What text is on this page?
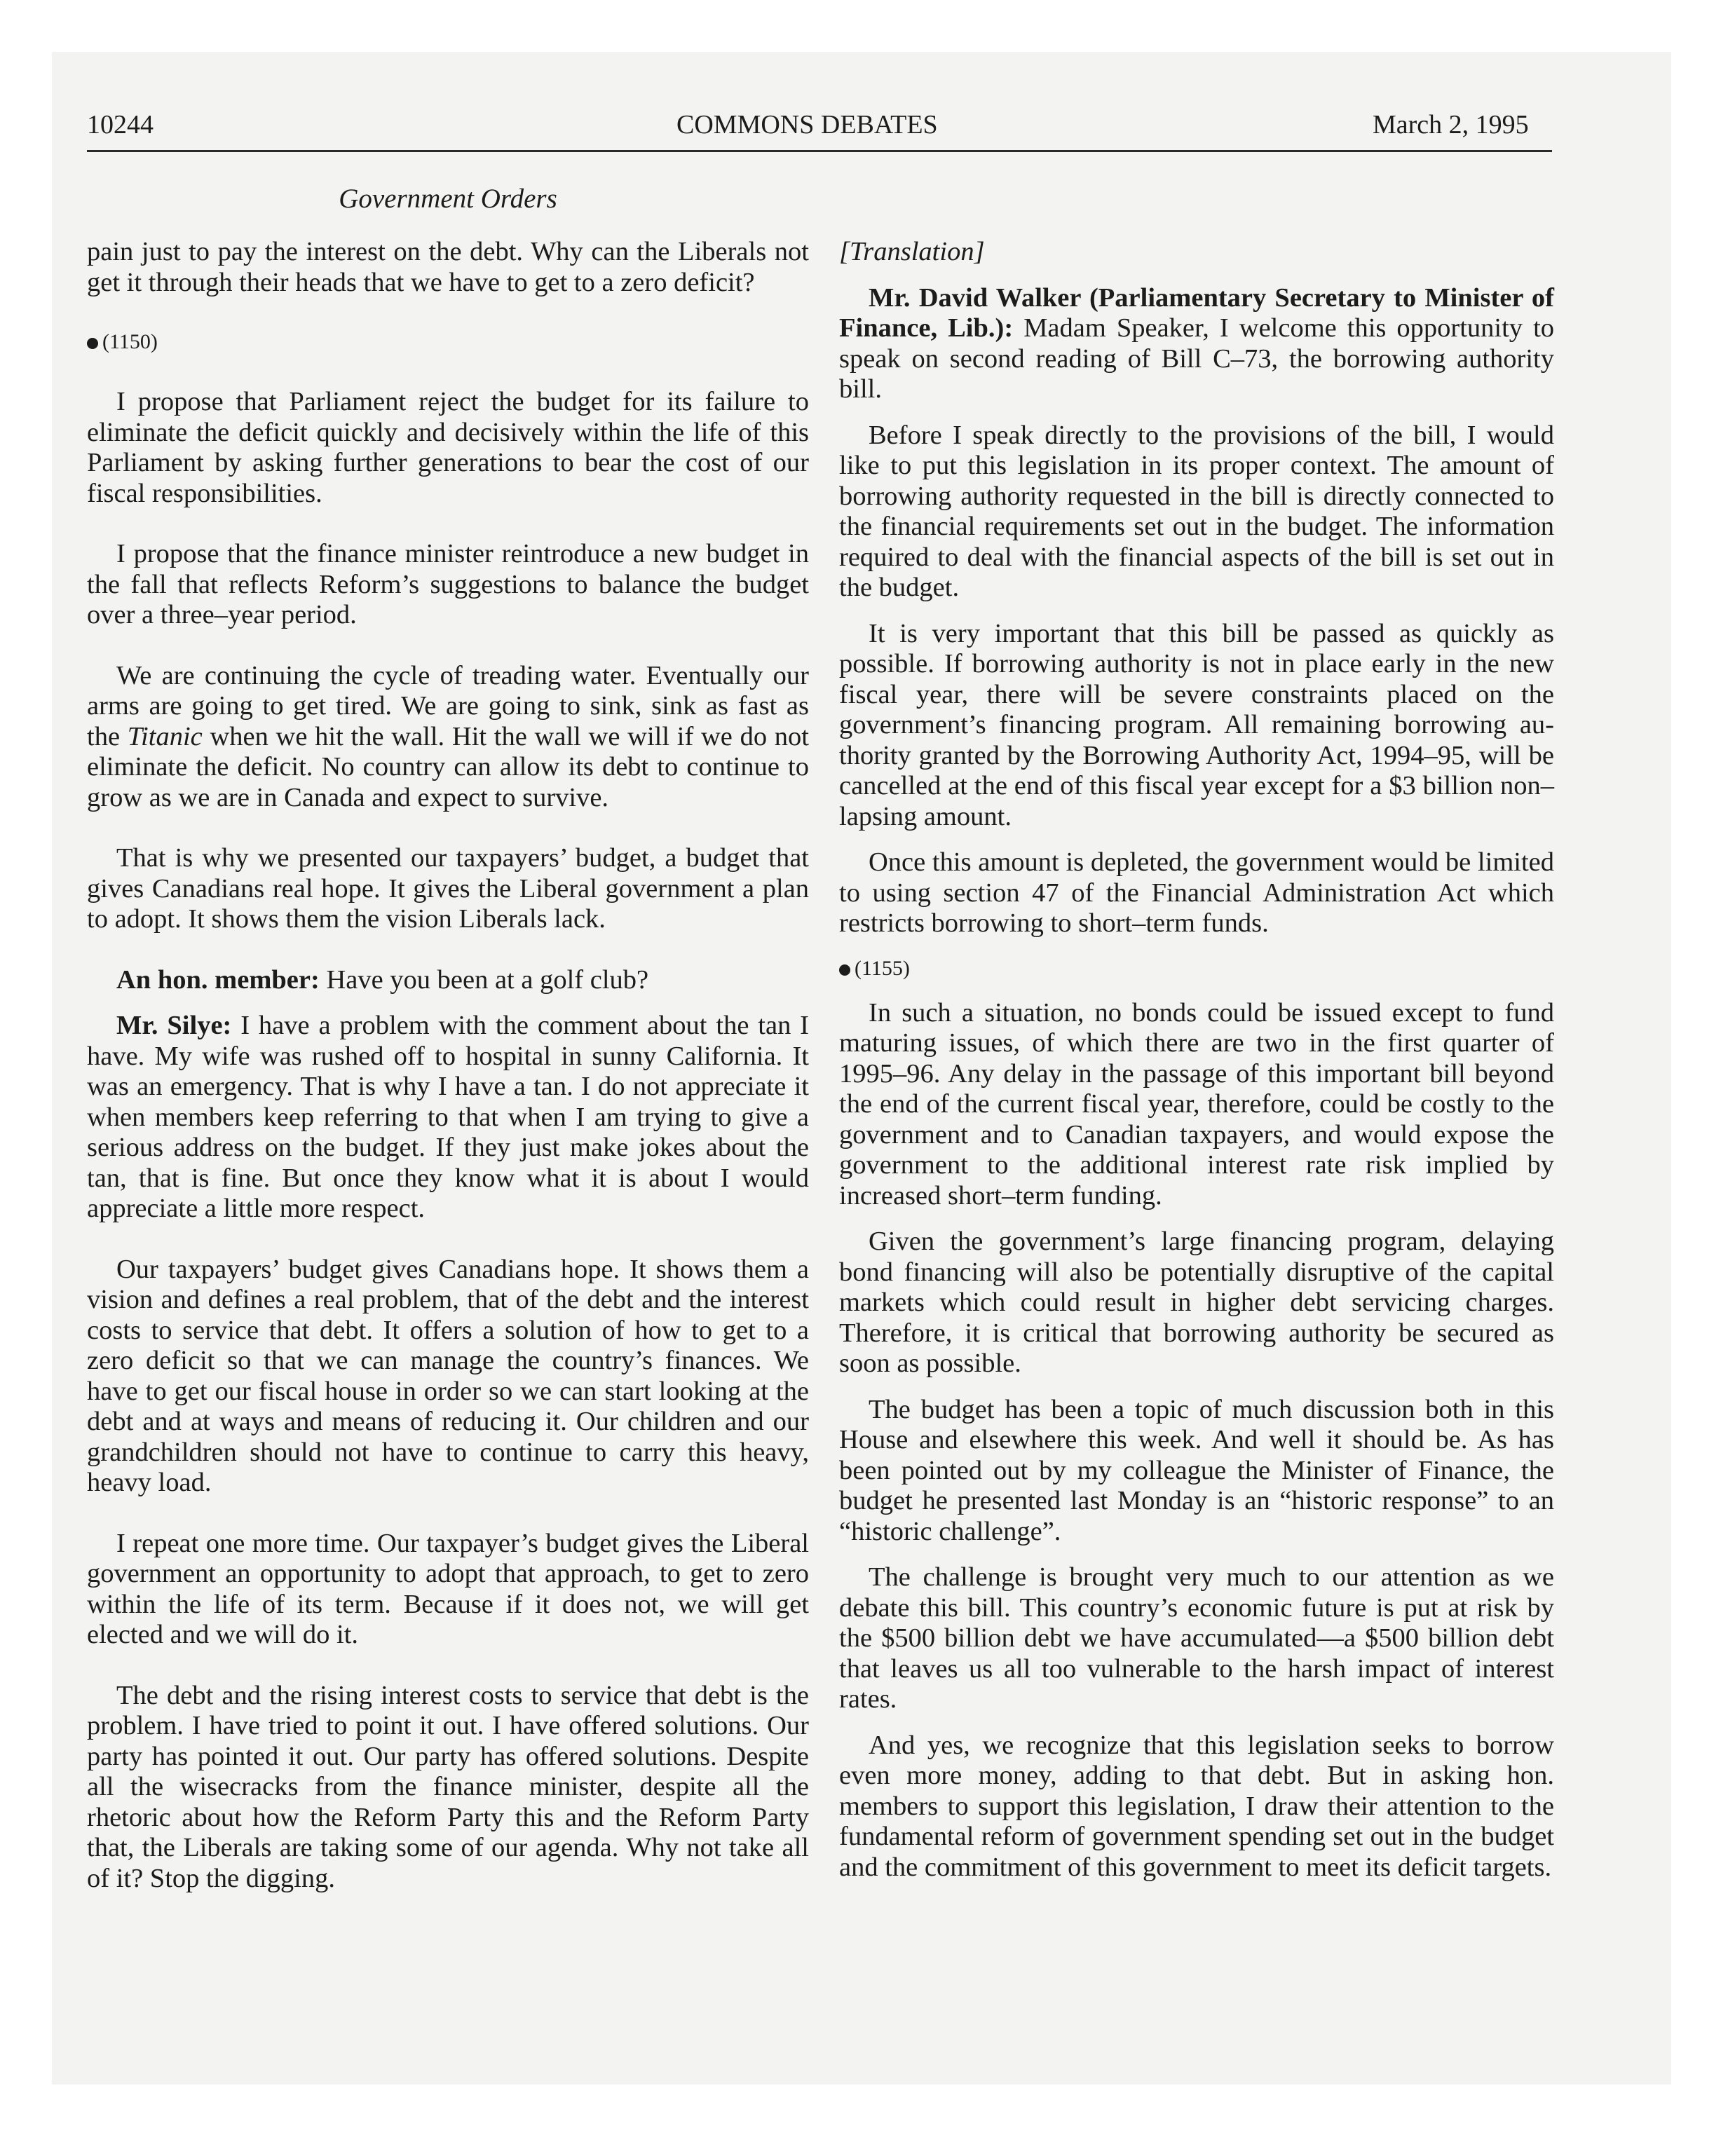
10244	COMMONS DEBATES	March 2, 1995
Government Orders

pain just to pay the interest on the debt. Why can the Liberals not get it through their heads that we have to get to a zero deficit?

(1150)

I propose that Parliament reject the budget for its failure to eliminate the deficit quickly and decisively within the life of this Parliament by asking further generations to bear the cost of our fiscal responsibilities.

I propose that the finance minister reintroduce a new budget in the fall that reflects Reform’s suggestions to balance the budget over a three–year period.

We are continuing the cycle of treading water. Eventually our arms are going to get tired. We are going to sink, sink as fast as the Titanic when we hit the wall. Hit the wall we will if we do not eliminate the deficit. No country can allow its debt to continue to grow as we are in Canada and expect to survive.

That is why we presented our taxpayers’ budget, a budget that gives Canadians real hope. It gives the Liberal government a plan to adopt. It shows them the vision Liberals lack.

An hon. member: Have you been at a golf club?

Mr. Silye: I have a problem with the comment about the tan I have. My wife was rushed off to hospital in sunny California. It was an emergency. That is why I have a tan. I do not appreciate it when members keep referring to that when I am trying to give a serious address on the budget. If they just make jokes about the tan, that is fine. But once they know what it is about I would appreciate a little more respect.

Our taxpayers’ budget gives Canadians hope. It shows them a vision and defines a real problem, that of the debt and the interest costs to service that debt. It offers a solution of how to get to a zero deficit so that we can manage the country’s finances. We have to get our fiscal house in order so we can start looking at the debt and at ways and means of reducing it. Our children and our grandchildren should not have to continue to carry this heavy, heavy load.

I repeat one more time. Our taxpayer’s budget gives the Liberal government an opportunity to adopt that approach, to get to zero within the life of its term. Because if it does not, we will get elected and we will do it.

The debt and the rising interest costs to service that debt is the problem. I have tried to point it out. I have offered solutions. Our party has pointed it out. Our party has offered solutions. Despite all the wisecracks from the finance minister, despite all the rhetoric about how the Reform Party this and the Reform Party that, the Liberals are taking some of our agenda. Why not take all of it? Stop the digging.

[Translation]

Mr. David Walker (Parliamentary Secretary to Minister of Finance, Lib.): Madam Speaker, I welcome this opportunity to speak on second reading of Bill C–73, the borrowing authority bill.

Before I speak directly to the provisions of the bill, I would like to put this legislation in its proper context. The amount of borrowing authority requested in the bill is directly connected to the financial requirements set out in the budget. The information required to deal with the financial aspects of the bill is set out in the budget.

It is very important that this bill be passed as quickly as possible. If borrowing authority is not in place early in the new fiscal year, there will be severe constraints placed on the government’s financing program. All remaining borrowing authority granted by the Borrowing Authority Act, 1994–95, will be cancelled at the end of this fiscal year except for a $3 billion non–lapsing amount.

Once this amount is depleted, the government would be limited to using section 47 of the Financial Administration Act which restricts borrowing to short–term funds.

(1155)

In such a situation, no bonds could be issued except to fund maturing issues, of which there are two in the first quarter of 1995–96. Any delay in the passage of this important bill beyond the end of the current fiscal year, therefore, could be costly to the government and to Canadian taxpayers, and would expose the government to the additional interest rate risk implied by increased short–term funding.

Given the government’s large financing program, delaying bond financing will also be potentially disruptive of the capital markets which could result in higher debt servicing charges. Therefore, it is critical that borrowing authority be secured as soon as possible.

The budget has been a topic of much discussion both in this House and elsewhere this week. And well it should be. As has been pointed out by my colleague the Minister of Finance, the budget he presented last Monday is an “historic response” to an “historic challenge”.

The challenge is brought very much to our attention as we debate this bill. This country’s economic future is put at risk by the $500 billion debt we have accumulated—a $500 billion debt that leaves us all too vulnerable to the harsh impact of interest rates.

And yes, we recognize that this legislation seeks to borrow even more money, adding to that debt. But in asking hon. members to support this legislation, I draw their attention to the fundamental reform of government spending set out in the budget and the commitment of this government to meet its deficit targets.
